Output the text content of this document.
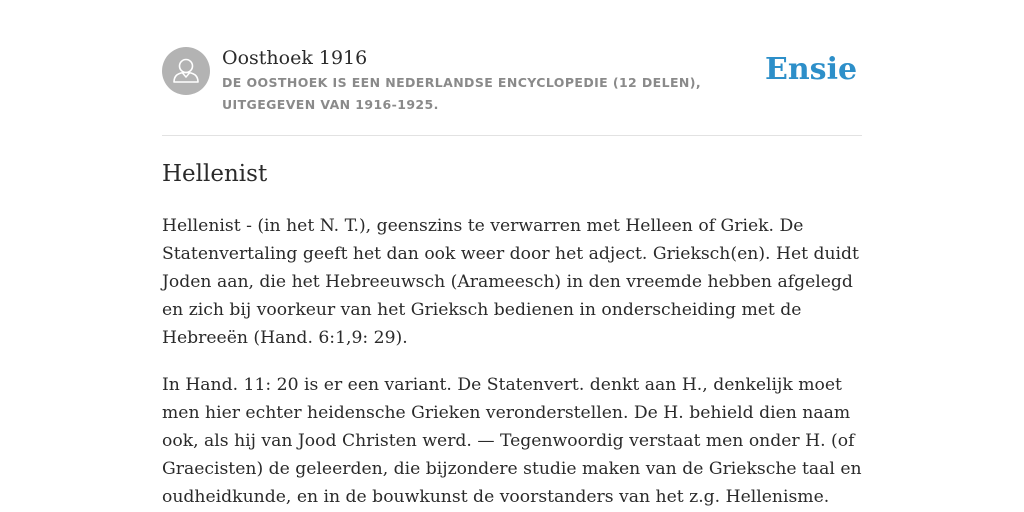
Oosthoek 1916
DE OOSTHOEK IS EEN NEDERLANDSE ENCYCLOPEDIE (12 DELEN), UITGEGEVEN VAN 1916-1925.
Ensie
Hellenist

Hellenist - (in het N. T.), geenszins te verwarren met Helleen of Griek. De Statenvertaling geeft het dan ook weer door het adject. Grieksch(en). Het duidt Joden aan, die het Hebreeuwsch (Arameesch) in den vreemde hebben afgelegd en zich bij voorkeur van het Grieksch bedienen in onderscheiding met de Hebreeën (Hand. 6:1,9: 29).

In Hand. 11: 20 is er een variant. De Statenvert. denkt aan H., denkelijk moet men hier echter heidensche Grieken veronderstellen. De H. behield dien naam ook, als hij van Jood Christen werd. — Tegenwoordig verstaat men onder H. (of Graecisten) de geleerden, die bijzondere studie maken van de Grieksche taal en oudheidkunde, en in de bouwkunst de voorstanders van het z.g. Hellenisme.
